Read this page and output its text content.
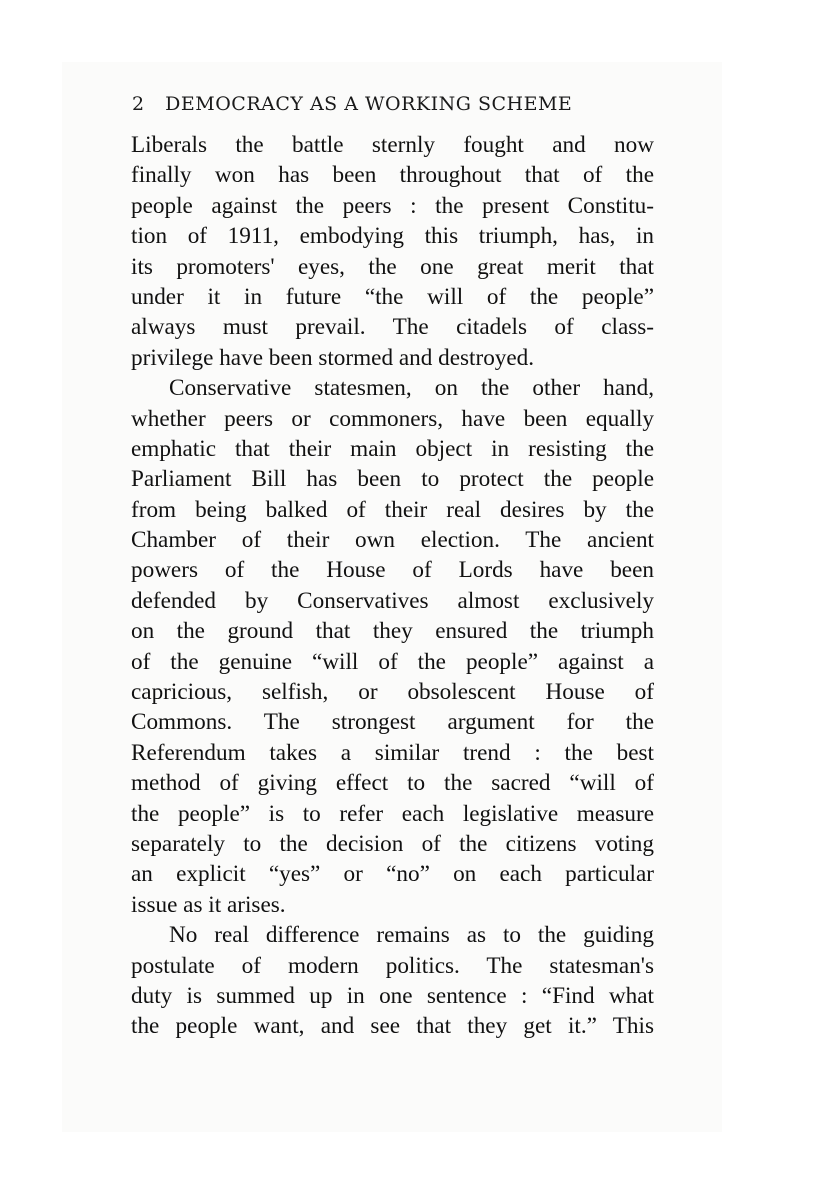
2 DEMOCRACY AS A WORKING SCHEME
Liberals the battle sternly fought and now
finally won has been throughout that of the
people against the peers : the present Constitu-
tion of 1911, embodying this triumph, has, in
its promoters' eyes, the one great merit that
under it in future “the will of the people”
always must prevail. The citadels of class-
privilege have been stormed and destroyed.
Conservative statesmen, on the other hand,
whether peers or commoners, have been equally
emphatic that their main object in resisting the
Parliament Bill has been to protect the people
from being balked of their real desires by the
Chamber of their own election. The ancient
powers of the House of Lords have been
defended by Conservatives almost exclusively
on the ground that they ensured the triumph
of the genuine “will of the people” against a
capricious, selfish, or obsolescent House of
Commons. The strongest argument for the
Referendum takes a similar trend : the best
method of giving effect to the sacred “will of
the people” is to refer each legislative measure
separately to the decision of the citizens voting
an explicit “yes” or “no” on each particular
issue as it arises.
No real difference remains as to the guiding
postulate of modern politics. The statesman's
duty is summed up in one sentence : “Find what
the people want, and see that they get it.” This
